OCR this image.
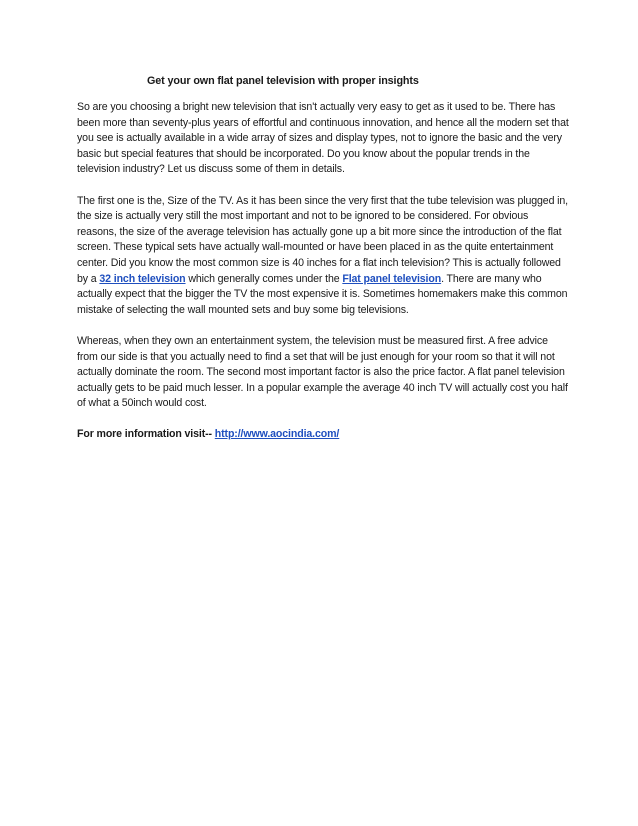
Get your own flat panel television with proper insights

So are you choosing a bright new television that isn't actually very easy to get as it used to be. There has been more than seventy-plus years of effortful and continuous innovation, and hence all the modern set that you see is actually available in a wide array of sizes and display types, not to ignore the basic and the very basic but special features that should be incorporated. Do you know about the popular trends in the television industry? Let us discuss some of them in details.

The first one is the, Size of the TV. As it has been since the very first that the tube television was plugged in, the size is actually very still the most important and not to be ignored to be considered. For obvious reasons, the size of the average television has actually gone up a bit more since the introduction of the flat screen. These typical sets have actually wall-mounted or have been placed in as the quite entertainment center. Did you know the most common size is 40 inches for a flat inch television? This is actually followed by a 32 inch television which generally comes under the Flat panel television. There are many who actually expect that the bigger the TV the most expensive it is. Sometimes homemakers make this common mistake of selecting the wall mounted sets and buy some big televisions.

Whereas, when they own an entertainment system, the television must be measured first. A free advice from our side is that you actually need to find a set that will be just enough for your room so that it will not actually dominate the room. The second most important factor is also the price factor. A flat panel television actually gets to be paid much lesser. In a popular example the average 40 inch TV will actually cost you half of what a 50inch would cost.

For more information visit-- http://www.aocindia.com/
